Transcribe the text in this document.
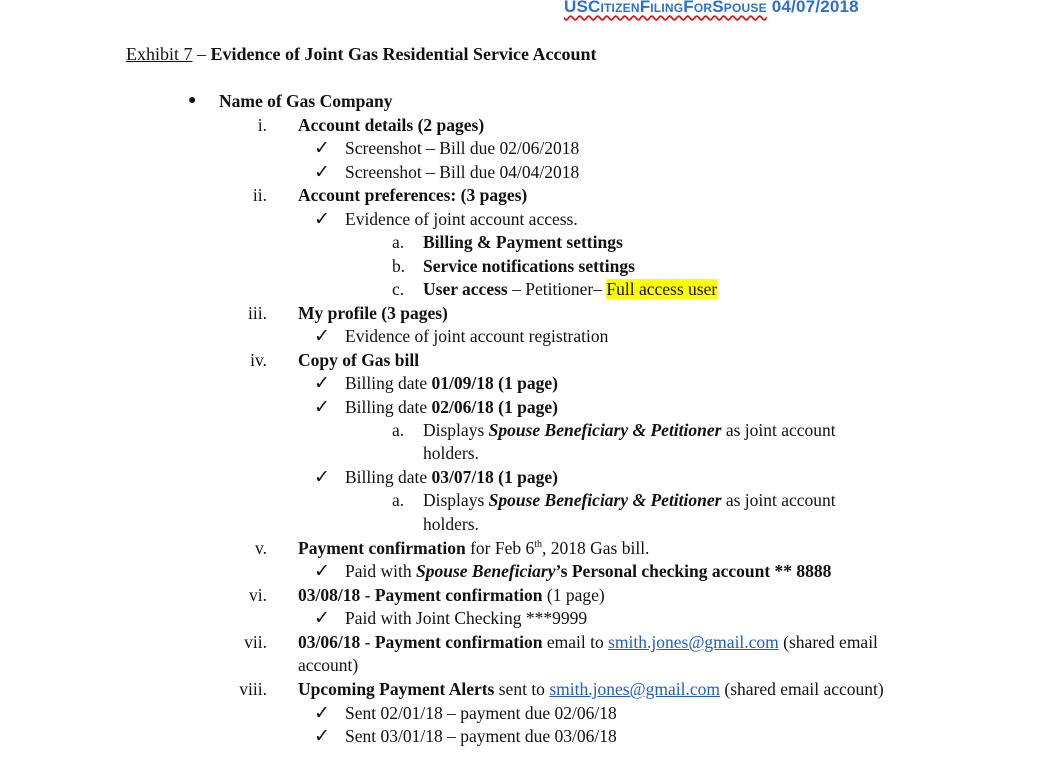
USCitizenFilingForSpouse 04/07/2018
Exhibit 7 – Evidence of Joint Gas Residential Service Account
● Name of Gas Company
i. Account details (2 pages)
✓ Screenshot – Bill due 02/06/2018
✓ Screenshot – Bill due 04/04/2018
ii. Account preferences: (3 pages)
✓ Evidence of joint account access.
a. Billing & Payment settings
b. Service notifications settings
c. User access – Petitioner– Full access user
iii. My profile (3 pages)
✓ Evidence of joint account registration
iv. Copy of Gas bill
✓ Billing date 01/09/18 (1 page)
✓ Billing date 02/06/18 (1 page)
a. Displays Spouse Beneficiary & Petitioner as joint account
holders.
✓ Billing date 03/07/18 (1 page)
a. Displays Spouse Beneficiary & Petitioner as joint account
holders.
v. Payment confirmation for Feb 6th, 2018 Gas bill.
✓ Paid with Spouse Beneficiary’s Personal checking account ** 8888
vi. 03/08/18 - Payment confirmation (1 page)
✓ Paid with Joint Checking ***9999
vii. 03/06/18 - Payment confirmation email to smith.jones@gmail.com (shared email
account)
viii. Upcoming Payment Alerts sent to smith.jones@gmail.com (shared email account)
✓ Sent 02/01/18 – payment due 02/06/18
✓ Sent 03/01/18 – payment due 03/06/18
